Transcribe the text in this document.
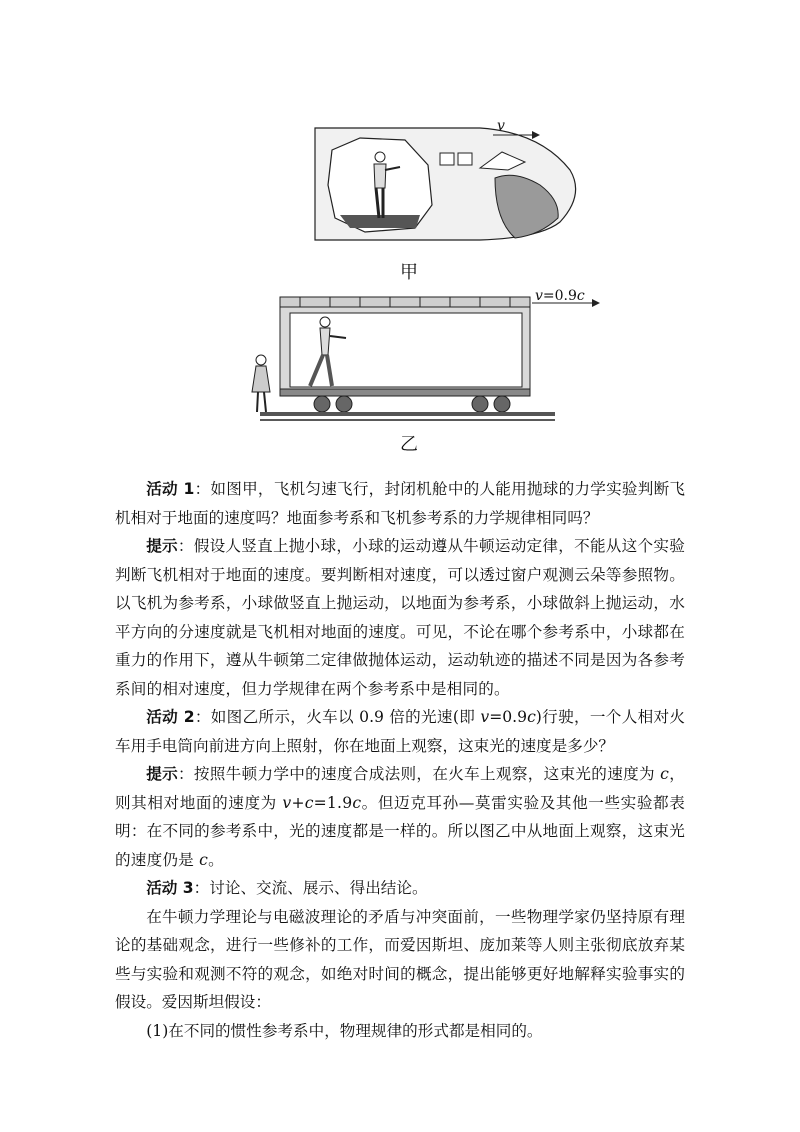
v
v=0.9c
甲
乙

活动 1：如图甲，飞机匀速飞行，封闭机舱中的人能用抛球的力学实验判断飞机相对于地面的速度吗？地面参考系和飞机参考系的力学规律相同吗？

提示：假设人竖直上抛小球，小球的运动遵从牛顿运动定律，不能从这个实验判断飞机相对于地面的速度。要判断相对速度，可以透过窗户观测云朵等参照物。以飞机为参考系，小球做竖直上抛运动，以地面为参考系，小球做斜上抛运动，水平方向的分速度就是飞机相对地面的速度。可见，不论在哪个参考系中，小球都在重力的作用下，遵从牛顿第二定律做抛体运动，运动轨迹的描述不同是因为各参考系间的相对速度，但力学规律在两个参考系中是相同的。

活动 2：如图乙所示，火车以 0.9 倍的光速(即 v=0.9c)行驶，一个人相对火车用手电筒向前进方向上照射，你在地面上观察，这束光的速度是多少？

提示：按照牛顿力学中的速度合成法则，在火车上观察，这束光的速度为 c，则其相对地面的速度为 v+c=1.9c。但迈克耳孙—莫雷实验及其他一些实验都表明：在不同的参考系中，光的速度都是一样的。所以图乙中从地面上观察，这束光的速度仍是 c。

活动 3：讨论、交流、展示、得出结论。

在牛顿力学理论与电磁波理论的矛盾与冲突面前，一些物理学家仍坚持原有理论的基础观念，进行一些修补的工作，而爱因斯坦、庞加莱等人则主张彻底放弃某些与实验和观测不符的观念，如绝对时间的概念，提出能够更好地解释实验事实的假设。爱因斯坦假设：

(1)在不同的惯性参考系中，物理规律的形式都是相同的。
